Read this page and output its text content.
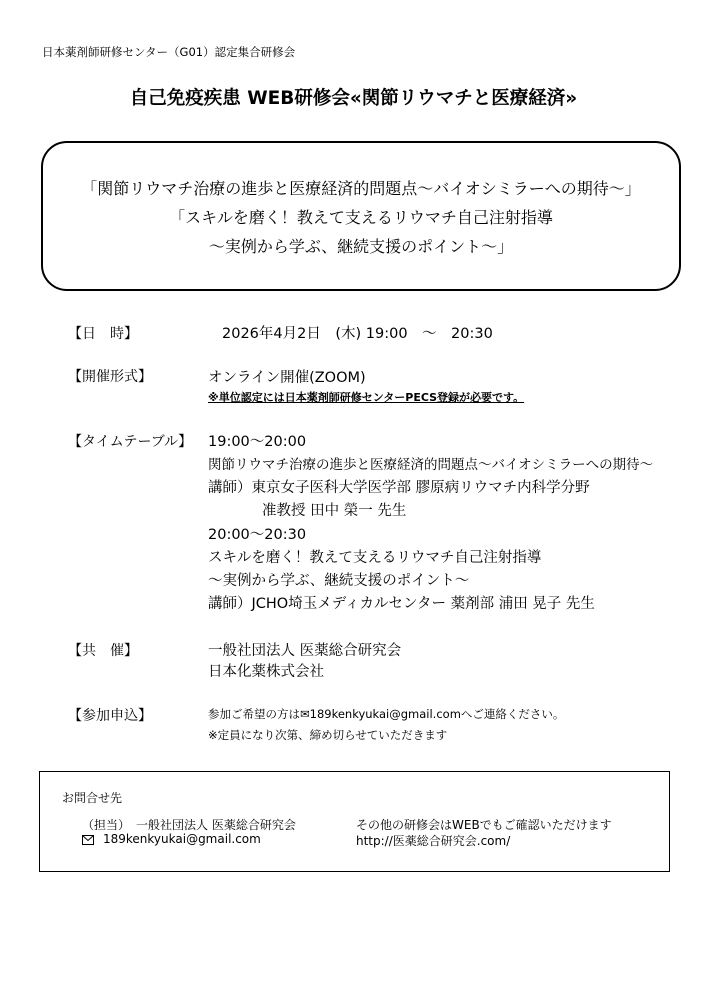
日本薬剤師研修センター（G01）認定集合研修会
自己免疫疾患 WEB研修会«関節リウマチと医療経済»
「関節リウマチ治療の進歩と医療経済的問題点～バイオシミラーへの期待～」
「スキルを磨く！教えて支えるリウマチ自己注射指導
～実例から学ぶ、継続支援のポイント～」
【日　時】	2026年4月2日　(木) 19:00　～　20:30
【開催形式】	オンライン開催(ZOOM)
※単位認定には日本薬剤師研修センターPECS登録が必要です。
【タイムテーブル】 19:00～20:00
関節リウマチ治療の進歩と医療経済的問題点～バイオシミラーへの期待～
講師）東京女子医科大学医学部 膠原病リウマチ内科学分野
准教授 田中 榮一 先生
20:00～20:30
スキルを磨く！教えて支えるリウマチ自己注射指導
～実例から学ぶ、継続支援のポイント～
講師）JCHO埼玉メディカルセンター 薬剤部 浦田 晃子 先生
【共　催】	一般社団法人 医薬総合研究会
日本化薬株式会社
【参加申込】	参加ご希望の方は✉189kenkyukai@gmail.comへご連絡ください。
※定員になり次第、締め切らせていただきます
お問合せ先
（担当）　一般社団法人 医薬総合研究会
189kenkyukai@gmail.com
その他の研修会はWEBでもご確認いただけます
http://医薬総合研究会.com/
